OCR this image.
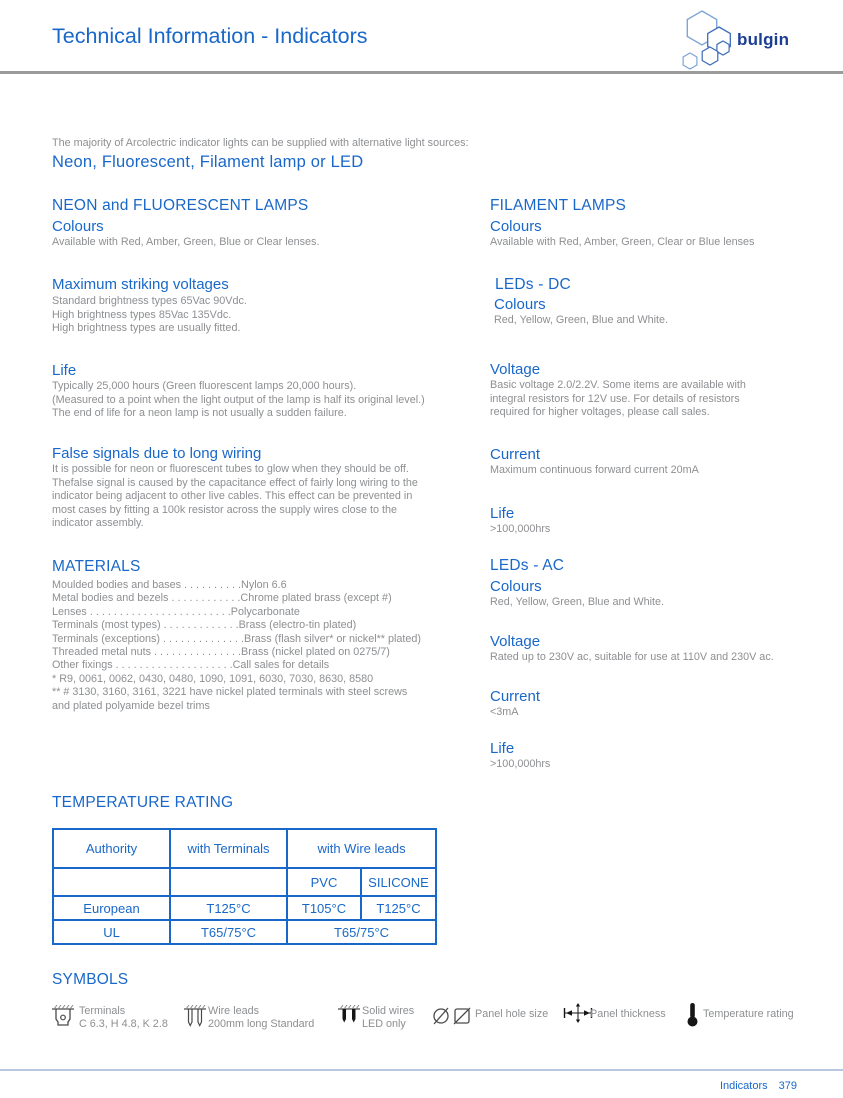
Technical Information - Indicators	bulgin
The majority of Arcolectric indicator lights can be supplied with alternative light sources:
Neon, Fluorescent, Filament lamp or LED
NEON and FLUORESCENT LAMPS
Colours
Available with Red, Amber, Green, Blue or Clear lenses.
Maximum striking voltages
Standard brightness types 65Vac 90Vdc.
High brightness types 85Vac 135Vdc.
High brightness types are usually fitted.
Life
Typically 25,000 hours (Green fluorescent lamps 20,000 hours).
(Measured to a point when the light output of the lamp is half its original level.)
The end of life for a neon lamp is not usually a sudden failure.
False signals due to long wiring
It is possible for neon or fluorescent tubes to glow when they should be off.
Thefalse signal is caused by the capacitance effect of fairly long wiring to the
indicator being adjacent to other live cables. This effect can be prevented in
most cases by fitting a 100k resistor across the supply wires close to the
indicator assembly.
MATERIALS
Moulded bodies and bases . . . . . . . . . .Nylon 6.6
Metal bodies and bezels . . . . . . . . . . . .Chrome plated brass (except #)
Lenses . . . . . . . . . . . . . . . . . . . . . . . .Polycarbonate
Terminals (most types) . . . . . . . . . . . . .Brass (electro-tin plated)
Terminals (exceptions) . . . . . . . . . . . . . .Brass (flash silver* or nickel** plated)
Threaded metal nuts . . . . . . . . . . . . . . .Brass (nickel plated on 0275/7)
Other fixings . . . . . . . . . . . . . . . . . . . .Call sales for details
* R9, 0061, 0062, 0430, 0480, 1090, 1091, 6030, 7030, 8630, 8580
** # 3130, 3160, 3161, 3221 have nickel plated terminals with steel screws
and plated polyamide bezel trims
FILAMENT LAMPS
Colours
Available with Red, Amber, Green, Clear or Blue lenses
LEDs - DC
Colours
Red, Yellow, Green, Blue and White.
Voltage
Basic voltage 2.0/2.2V. Some items are available with
integral resistors for 12V use. For details of resistors
required for higher voltages, please call sales.
Current
Maximum continuous forward current 20mA
Life
>100,000hrs
LEDs - AC
Colours
Red, Yellow, Green, Blue and White.
Voltage
Rated up to 230V ac, suitable for use at 110V and 230V ac.
Current
<3mA
Life
>100,000hrs
TEMPERATURE RATING
Authority	with Terminals	with Wire leads	
		PVC	SILICONE
European	T125°C	T105°C	T125°C
UL	T65/75°C	T65/75°C	
SYMBOLS
Terminals
C 6.3, H 4.8, K 2.8
Wire leads
200mm long Standard
Solid wires
LED only
Panel hole size	Panel thickness	Temperature rating
Indicators 379
